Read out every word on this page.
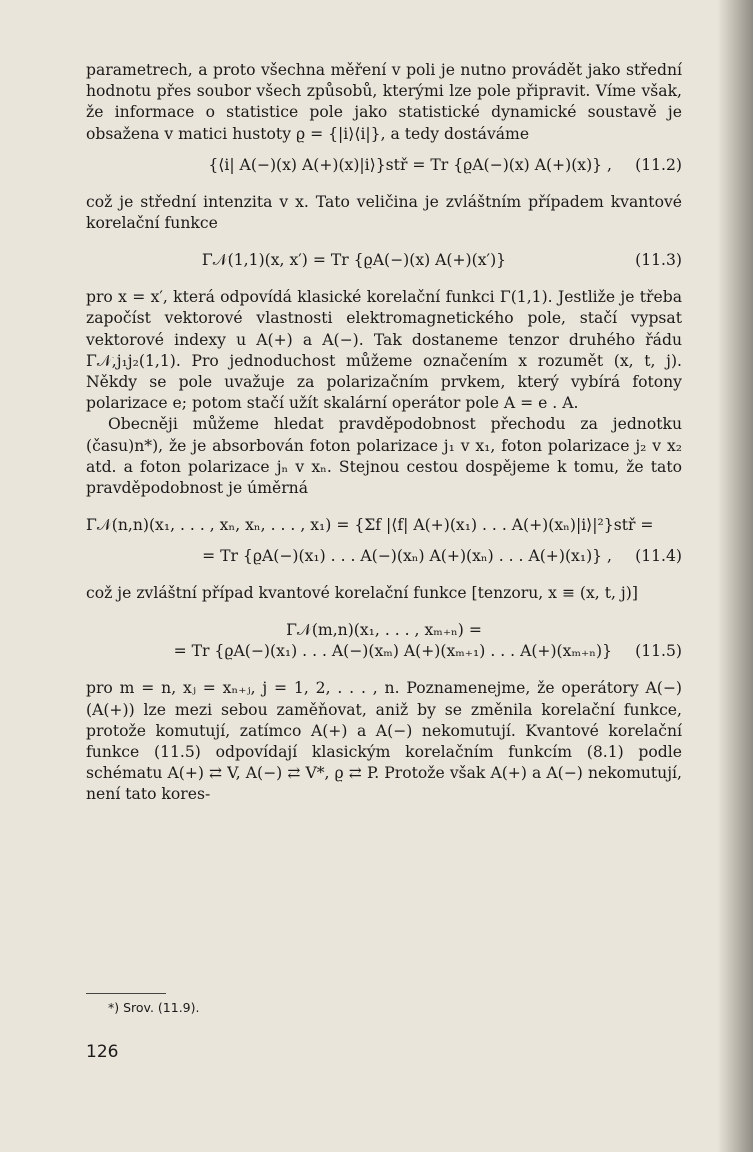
parametrech, a proto všechna měření v poli je nutno provádět jako střední hodnotu přes soubor všech způsobů, kterými lze pole připravit. Víme však, že informace o statistice pole jako statistické dynamické soustavě je obsažena v matici hustoty ϱ = {|i⟩⟨i|}, a tedy dostáváme

{⟨i| A(−)(x) A(+)(x)|i⟩}stř = Tr {ϱA(−)(x) A(+)(x)} ,	(11.2)

což je střední intenzita v x. Tato veličina je zvláštním případem kvantové korelační funkce

Γ𝒩(1,1)(x, x′) = Tr {ϱA(−)(x) A(+)(x′)}	(11.3)

pro x = x′, která odpovídá klasické korelační funkci Γ(1,1). Jestliže je třeba započíst vektorové vlastnosti elektromagnetického pole, stačí vypsat vektorové indexy u A(+) a A(−). Tak dostaneme tenzor druhého řádu Γ𝒩,j₁j₂(1,1). Pro jednoduchost můžeme označením x rozumět (x, t, j). Někdy se pole uvažuje za polarizačním prvkem, který vybírá fotony polarizace e; potom stačí užít skalární operátor pole A = e . A.

Obecněji můžeme hledat pravděpodobnost přechodu za jednotku (času)n*), že je absorbován foton polarizace j₁ v x₁, foton polarizace j₂ v x₂ atd. a foton polarizace jₙ v xₙ. Stejnou cestou dospějeme k tomu, že tato pravděpodobnost je úměrná

Γ𝒩(n,n)(x₁, . . . , xₙ, xₙ, . . . , x₁) = {Σf |⟨f| A(+)(x₁) . . . A(+)(xₙ)|i⟩|²}stř =
= Tr {ϱA(−)(x₁) . . . A(−)(xₙ) A(+)(xₙ) . . . A(+)(x₁)} ,	(11.4)

což je zvláštní případ kvantové korelační funkce [tenzoru, x ≡ (x, t, j)]

Γ𝒩(m,n)(x₁, . . . , xₘ₊ₙ) =
= Tr {ϱA(−)(x₁) . . . A(−)(xₘ) A(+)(xₘ₊₁) . . . A(+)(xₘ₊ₙ)}	(11.5)

pro m = n, xⱼ = xₙ₊ⱼ, j = 1, 2, . . . , n. Poznamenejme, že operátory A(−) (A(+)) lze mezi sebou zaměňovat, aniž by se změnila korelační funkce, protože komutují, zatímco A(+) a A(−) nekomutují. Kvantové korelační funkce (11.5) odpovídají klasickým korelačním funkcím (8.1) podle schématu A(+) ⇄ V, A(−) ⇄ V*, ϱ ⇄ P. Protože však A(+) a A(−) nekomutují, není tato kores-

*) Srov. (11.9).
126
